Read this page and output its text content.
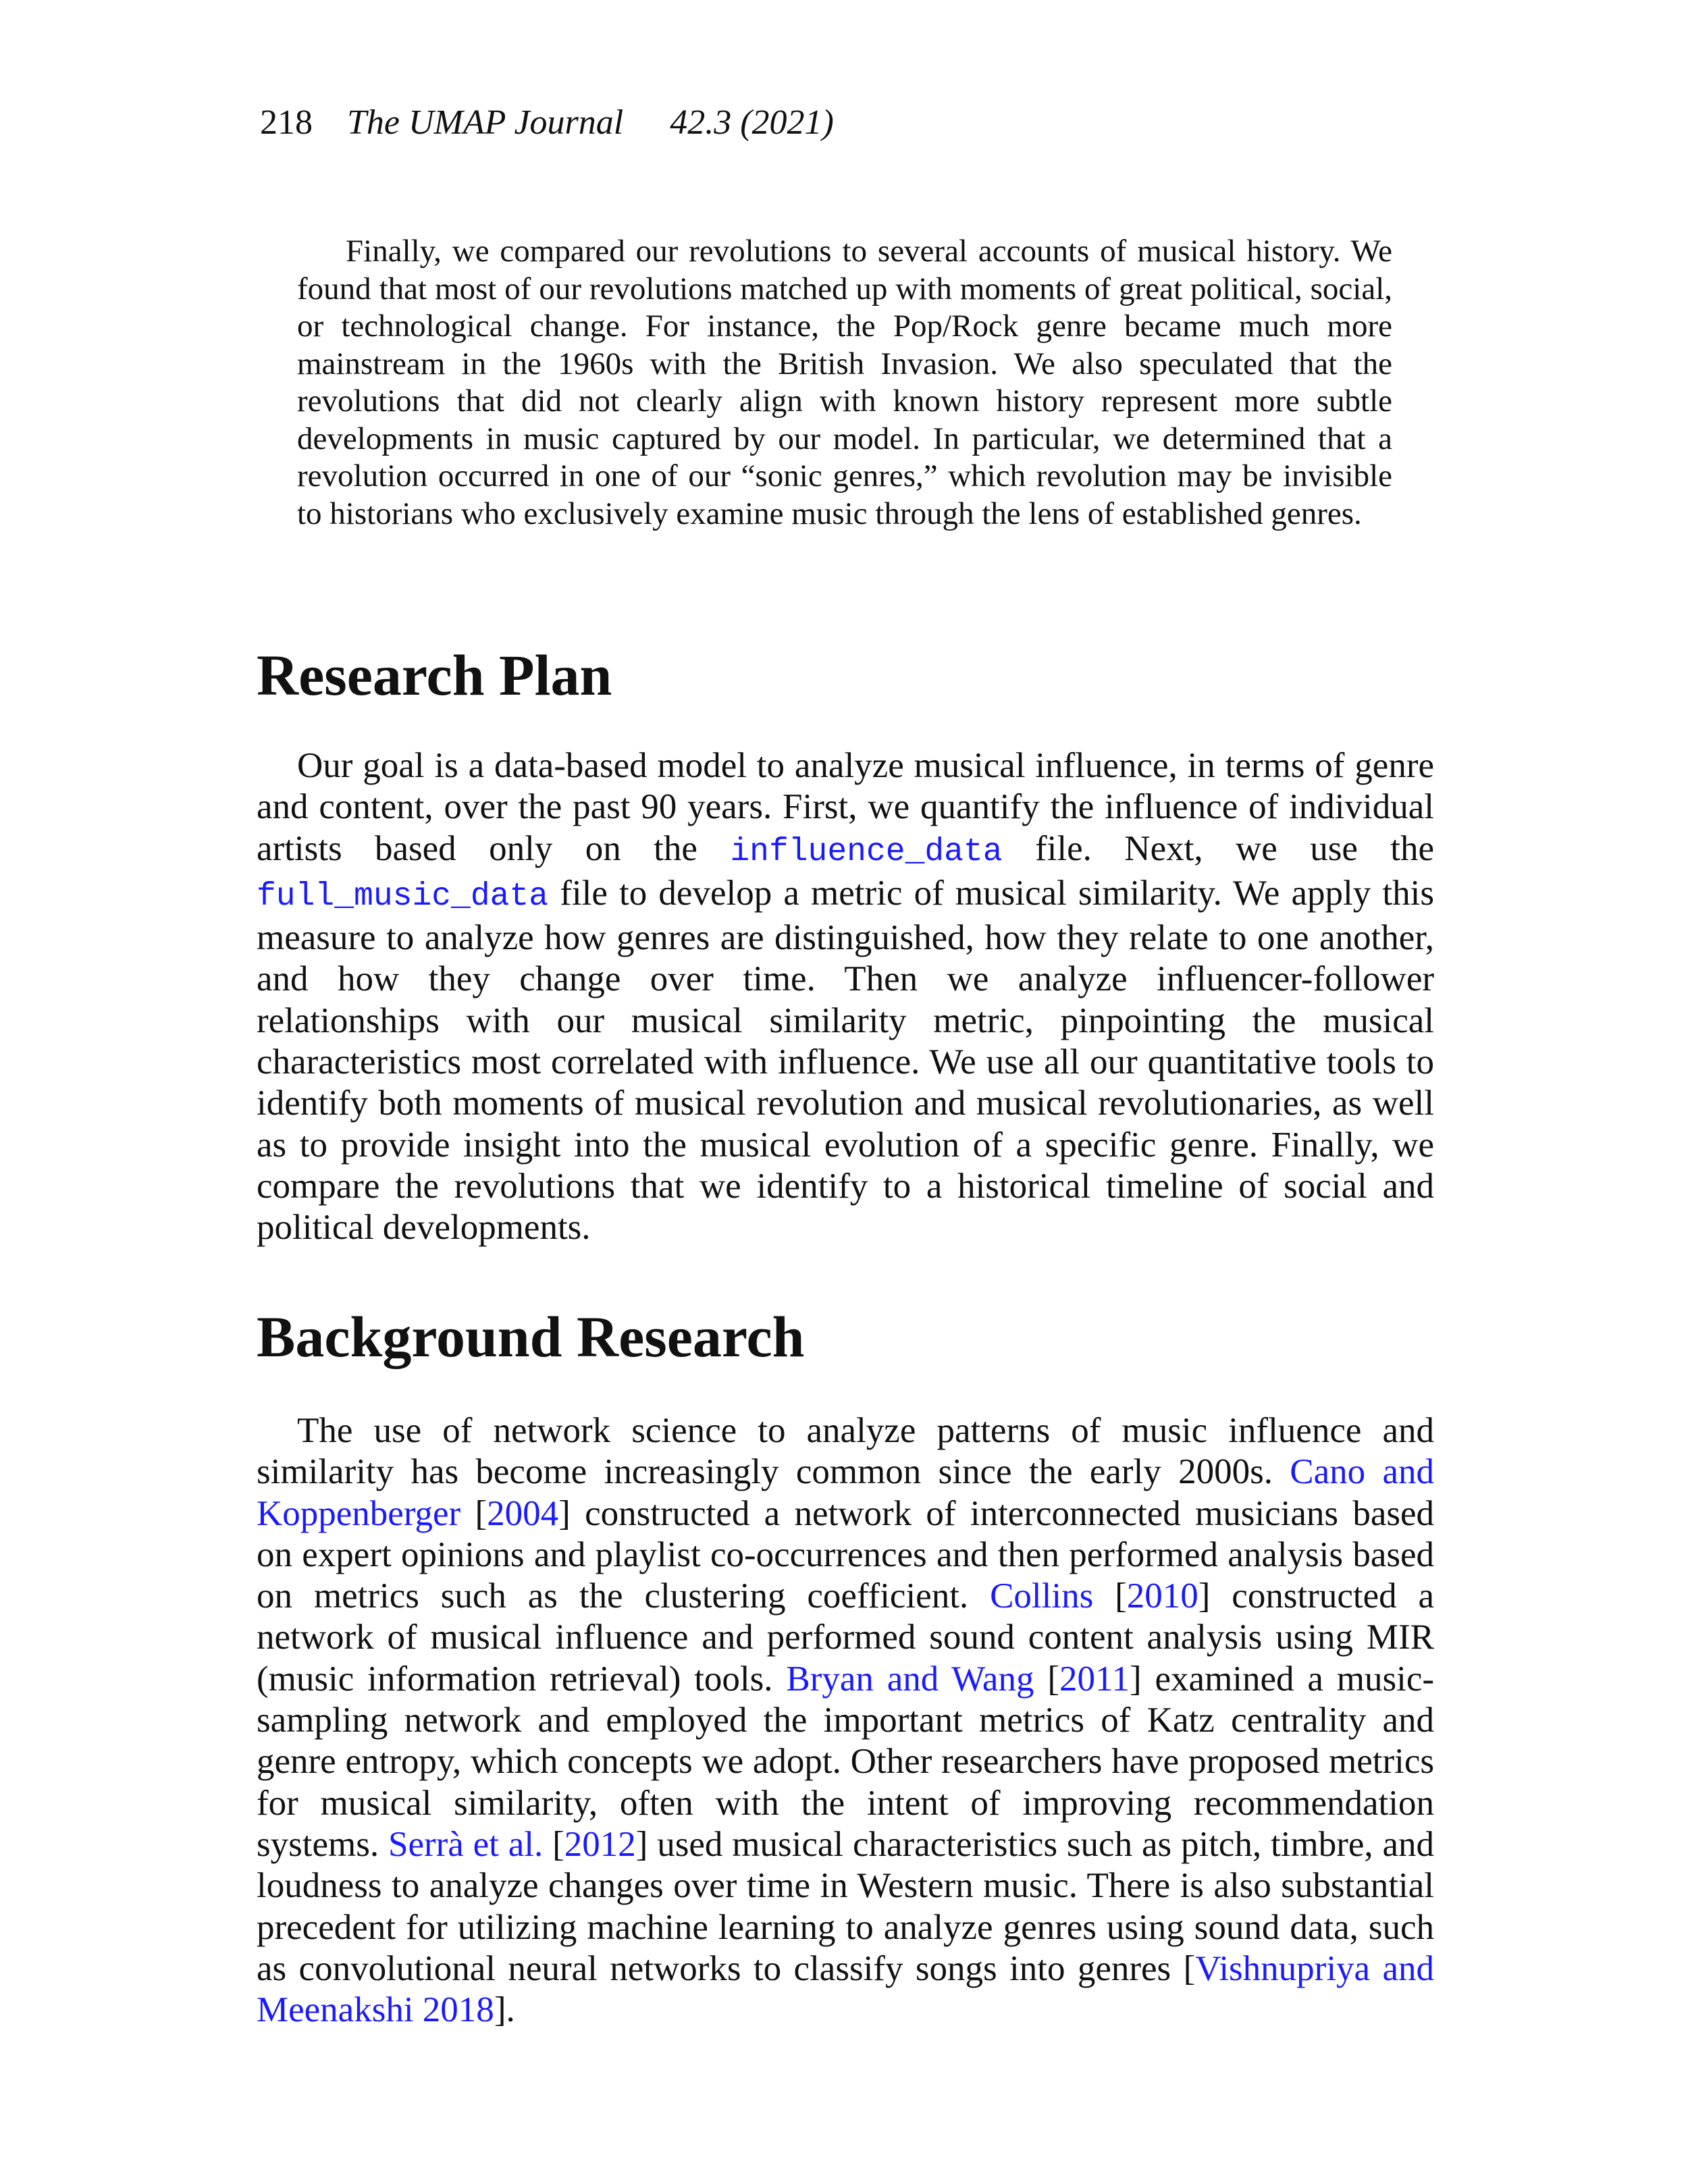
218 The UMAP Journal 42.3 (2021)

Finally, we compared our revolutions to several accounts of musical history. We found that most of our revolutions matched up with moments of great political, social, or technological change. For instance, the Pop/Rock genre became much more mainstream in the 1960s with the British Invasion. We also speculated that the revolutions that did not clearly align with known history represent more subtle developments in music captured by our model. In particular, we determined that a revolution occurred in one of our “sonic genres,” which revolution may be invisible to historians who exclusively examine music through the lens of established genres.

Research Plan

Our goal is a data-based model to analyze musical influence, in terms of genre and content, over the past 90 years. First, we quantify the influence of individual artists based only on the influence_data file. Next, we use the full_music_data file to develop a metric of musical similarity. We apply this measure to analyze how genres are distinguished, how they relate to one another, and how they change over time. Then we analyze influencer-follower relationships with our musical similarity metric, pinpointing the musical characteristics most correlated with influence. We use all our quantitative tools to identify both moments of musical revolution and musical revolutionaries, as well as to provide insight into the musical evolution of a specific genre. Finally, we compare the revolutions that we identify to a historical timeline of social and political developments.

Background Research

The use of network science to analyze patterns of music influence and similarity has become increasingly common since the early 2000s. Cano and Koppenberger [2004] constructed a network of interconnected musicians based on expert opinions and playlist co-occurrences and then performed analysis based on metrics such as the clustering coefficient. Collins [2010] constructed a network of musical influence and performed sound content analysis using MIR (music information retrieval) tools. Bryan and Wang [2011] examined a music-sampling network and employed the important metrics of Katz centrality and genre entropy, which concepts we adopt. Other researchers have proposed metrics for musical similarity, often with the intent of improving recommendation systems. Serrà et al. [2012] used musical characteristics such as pitch, timbre, and loudness to analyze changes over time in Western music. There is also substantial precedent for utilizing machine learning to analyze genres using sound data, such as convolutional neural networks to classify songs into genres [Vishnupriya and Meenakshi 2018].
